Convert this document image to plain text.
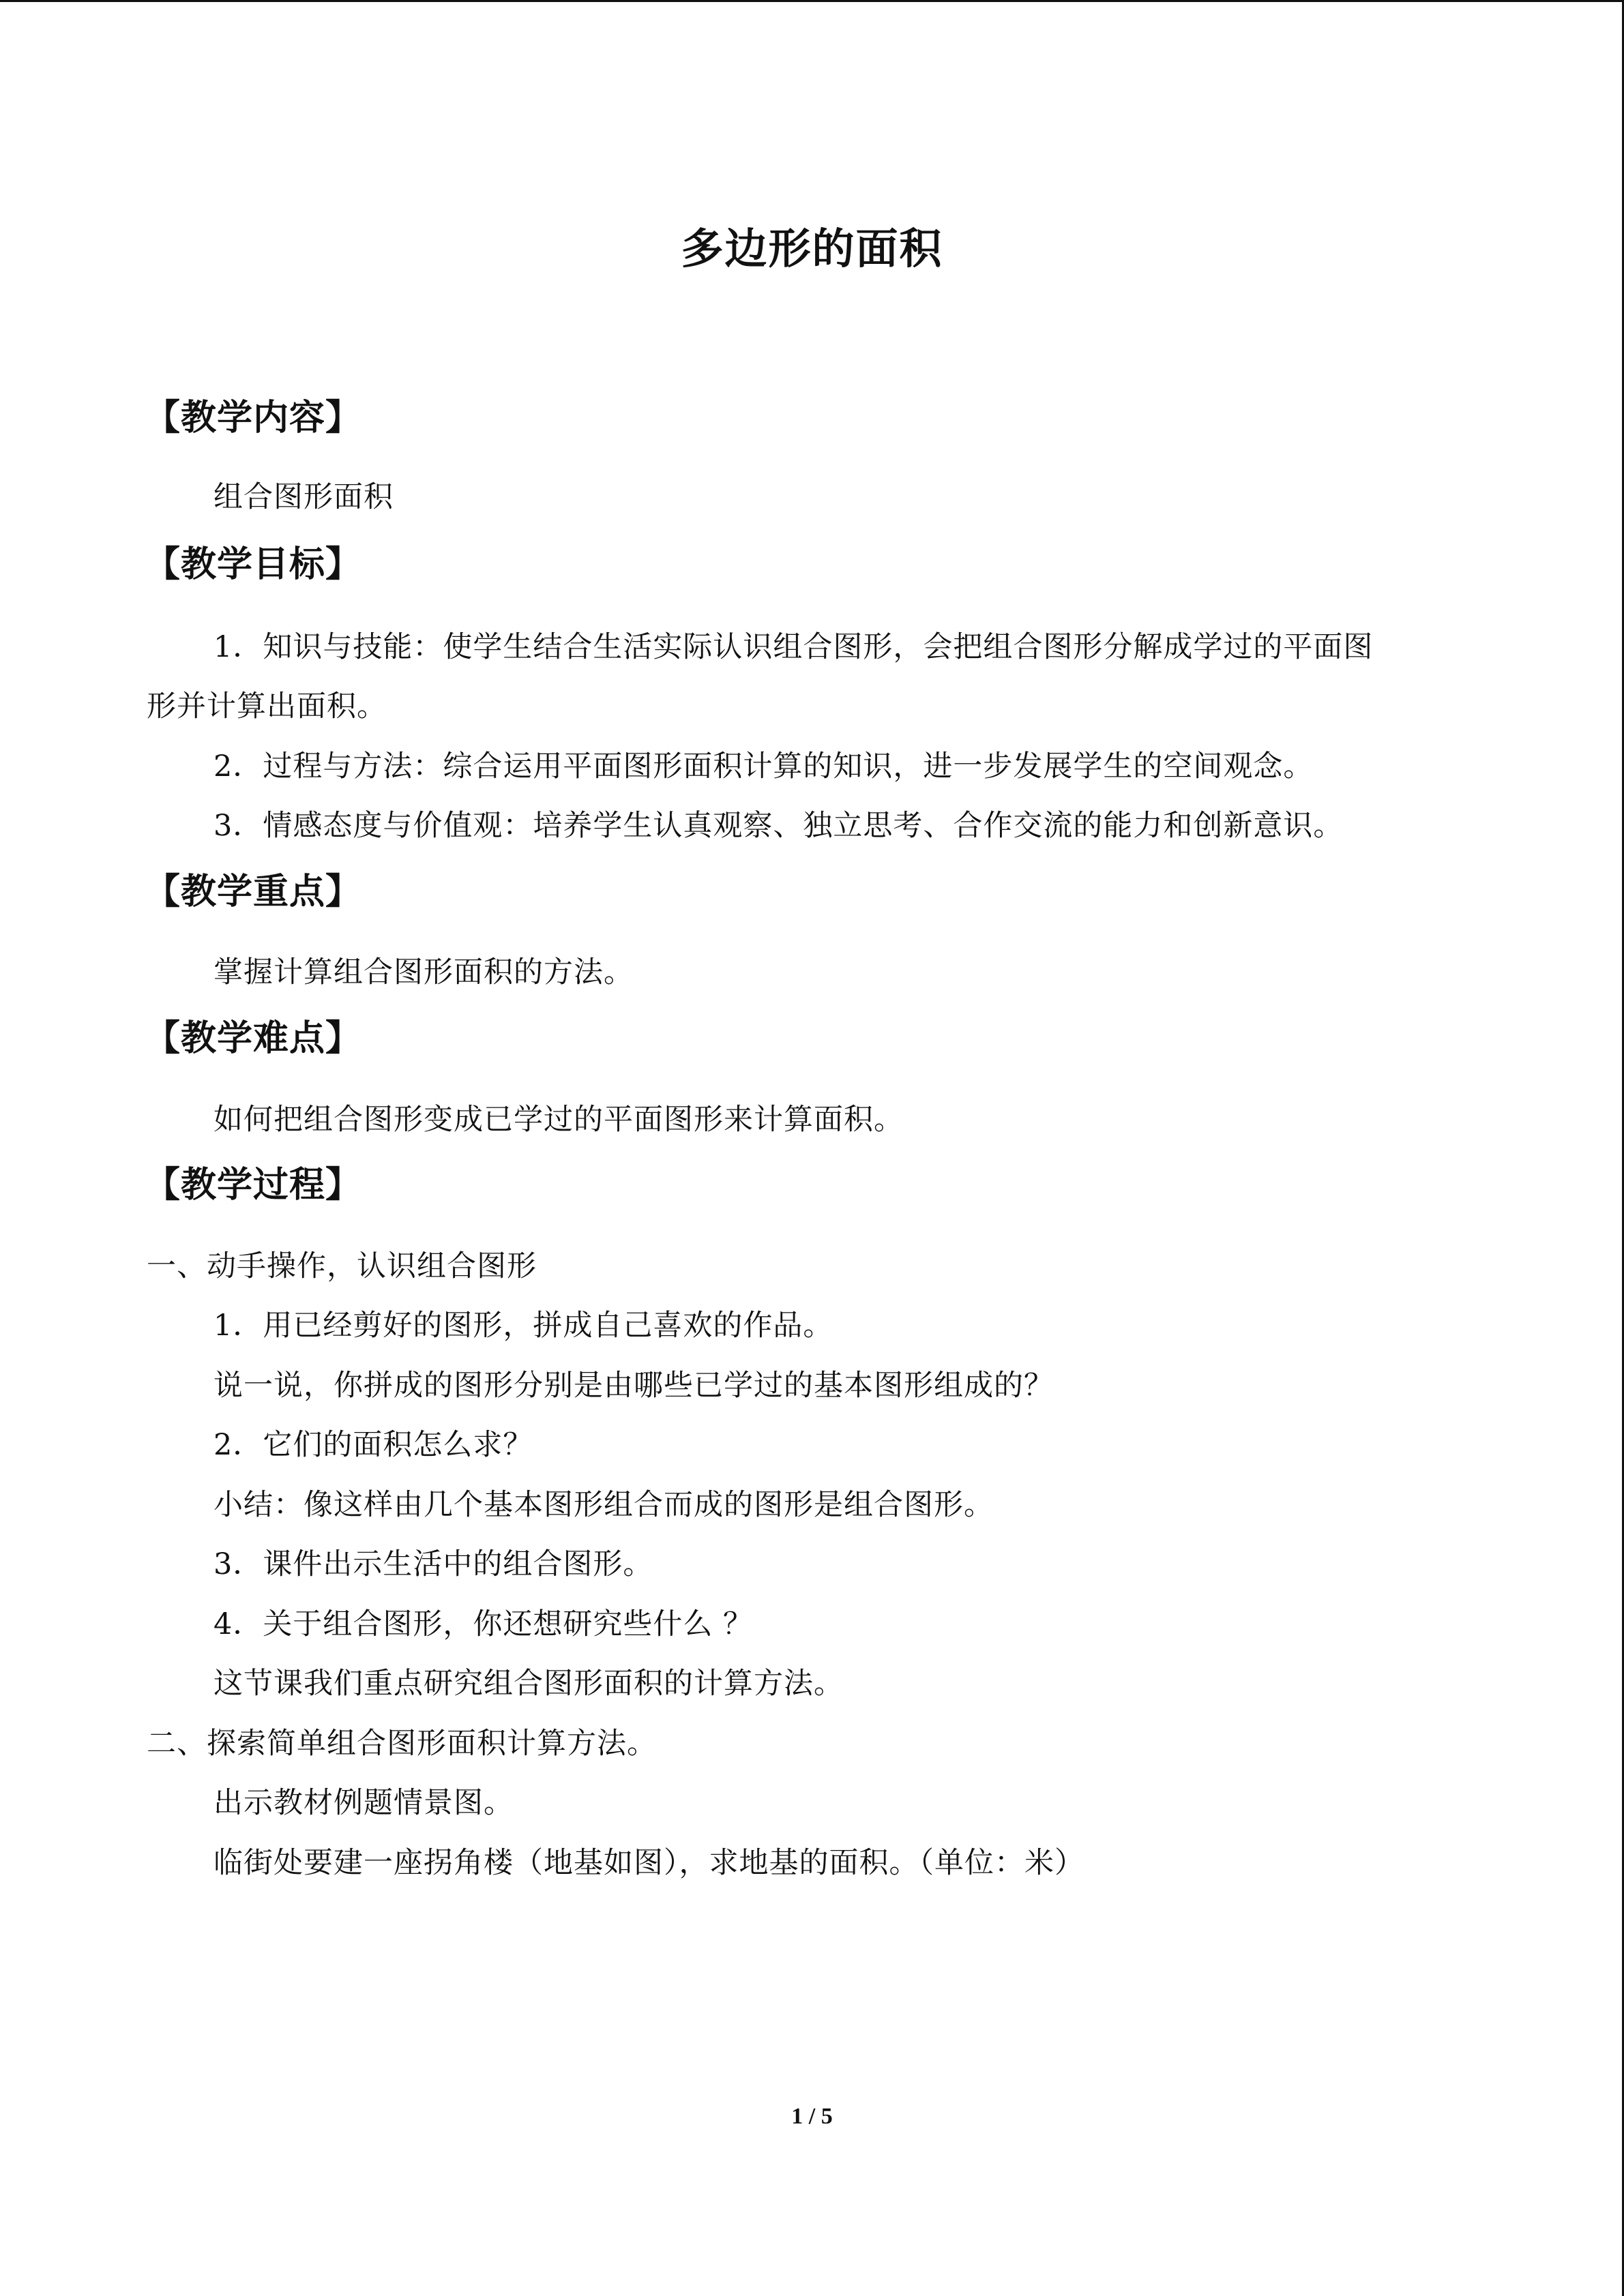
多边形的面积
【教学内容】
组合图形面积
【教学目标】
1．知识与技能：使学生结合生活实际认识组合图形，会把组合图形分解成学过的平面图
形并计算出面积。
2．过程与方法：综合运用平面图形面积计算的知识，进一步发展学生的空间观念。
3．情感态度与价值观：培养学生认真观察、独立思考、合作交流的能力和创新意识。
【教学重点】
掌握计算组合图形面积的方法。
【教学难点】
如何把组合图形变成已学过的平面图形来计算面积。
【教学过程】
一、动手操作，认识组合图形
1．用已经剪好的图形，拼成自己喜欢的作品。
说一说，你拼成的图形分别是由哪些已学过的基本图形组成的？
2．它们的面积怎么求？
小结：像这样由几个基本图形组合而成的图形是组合图形。
3．课件出示生活中的组合图形。
4．关于组合图形，你还想研究些什么 ？
这节课我们重点研究组合图形面积的计算方法。
二、探索简单组合图形面积计算方法。
出示教材例题情景图。
临街处要建一座拐角楼（地基如图），求地基的面积。（单位：米）
1 / 5
